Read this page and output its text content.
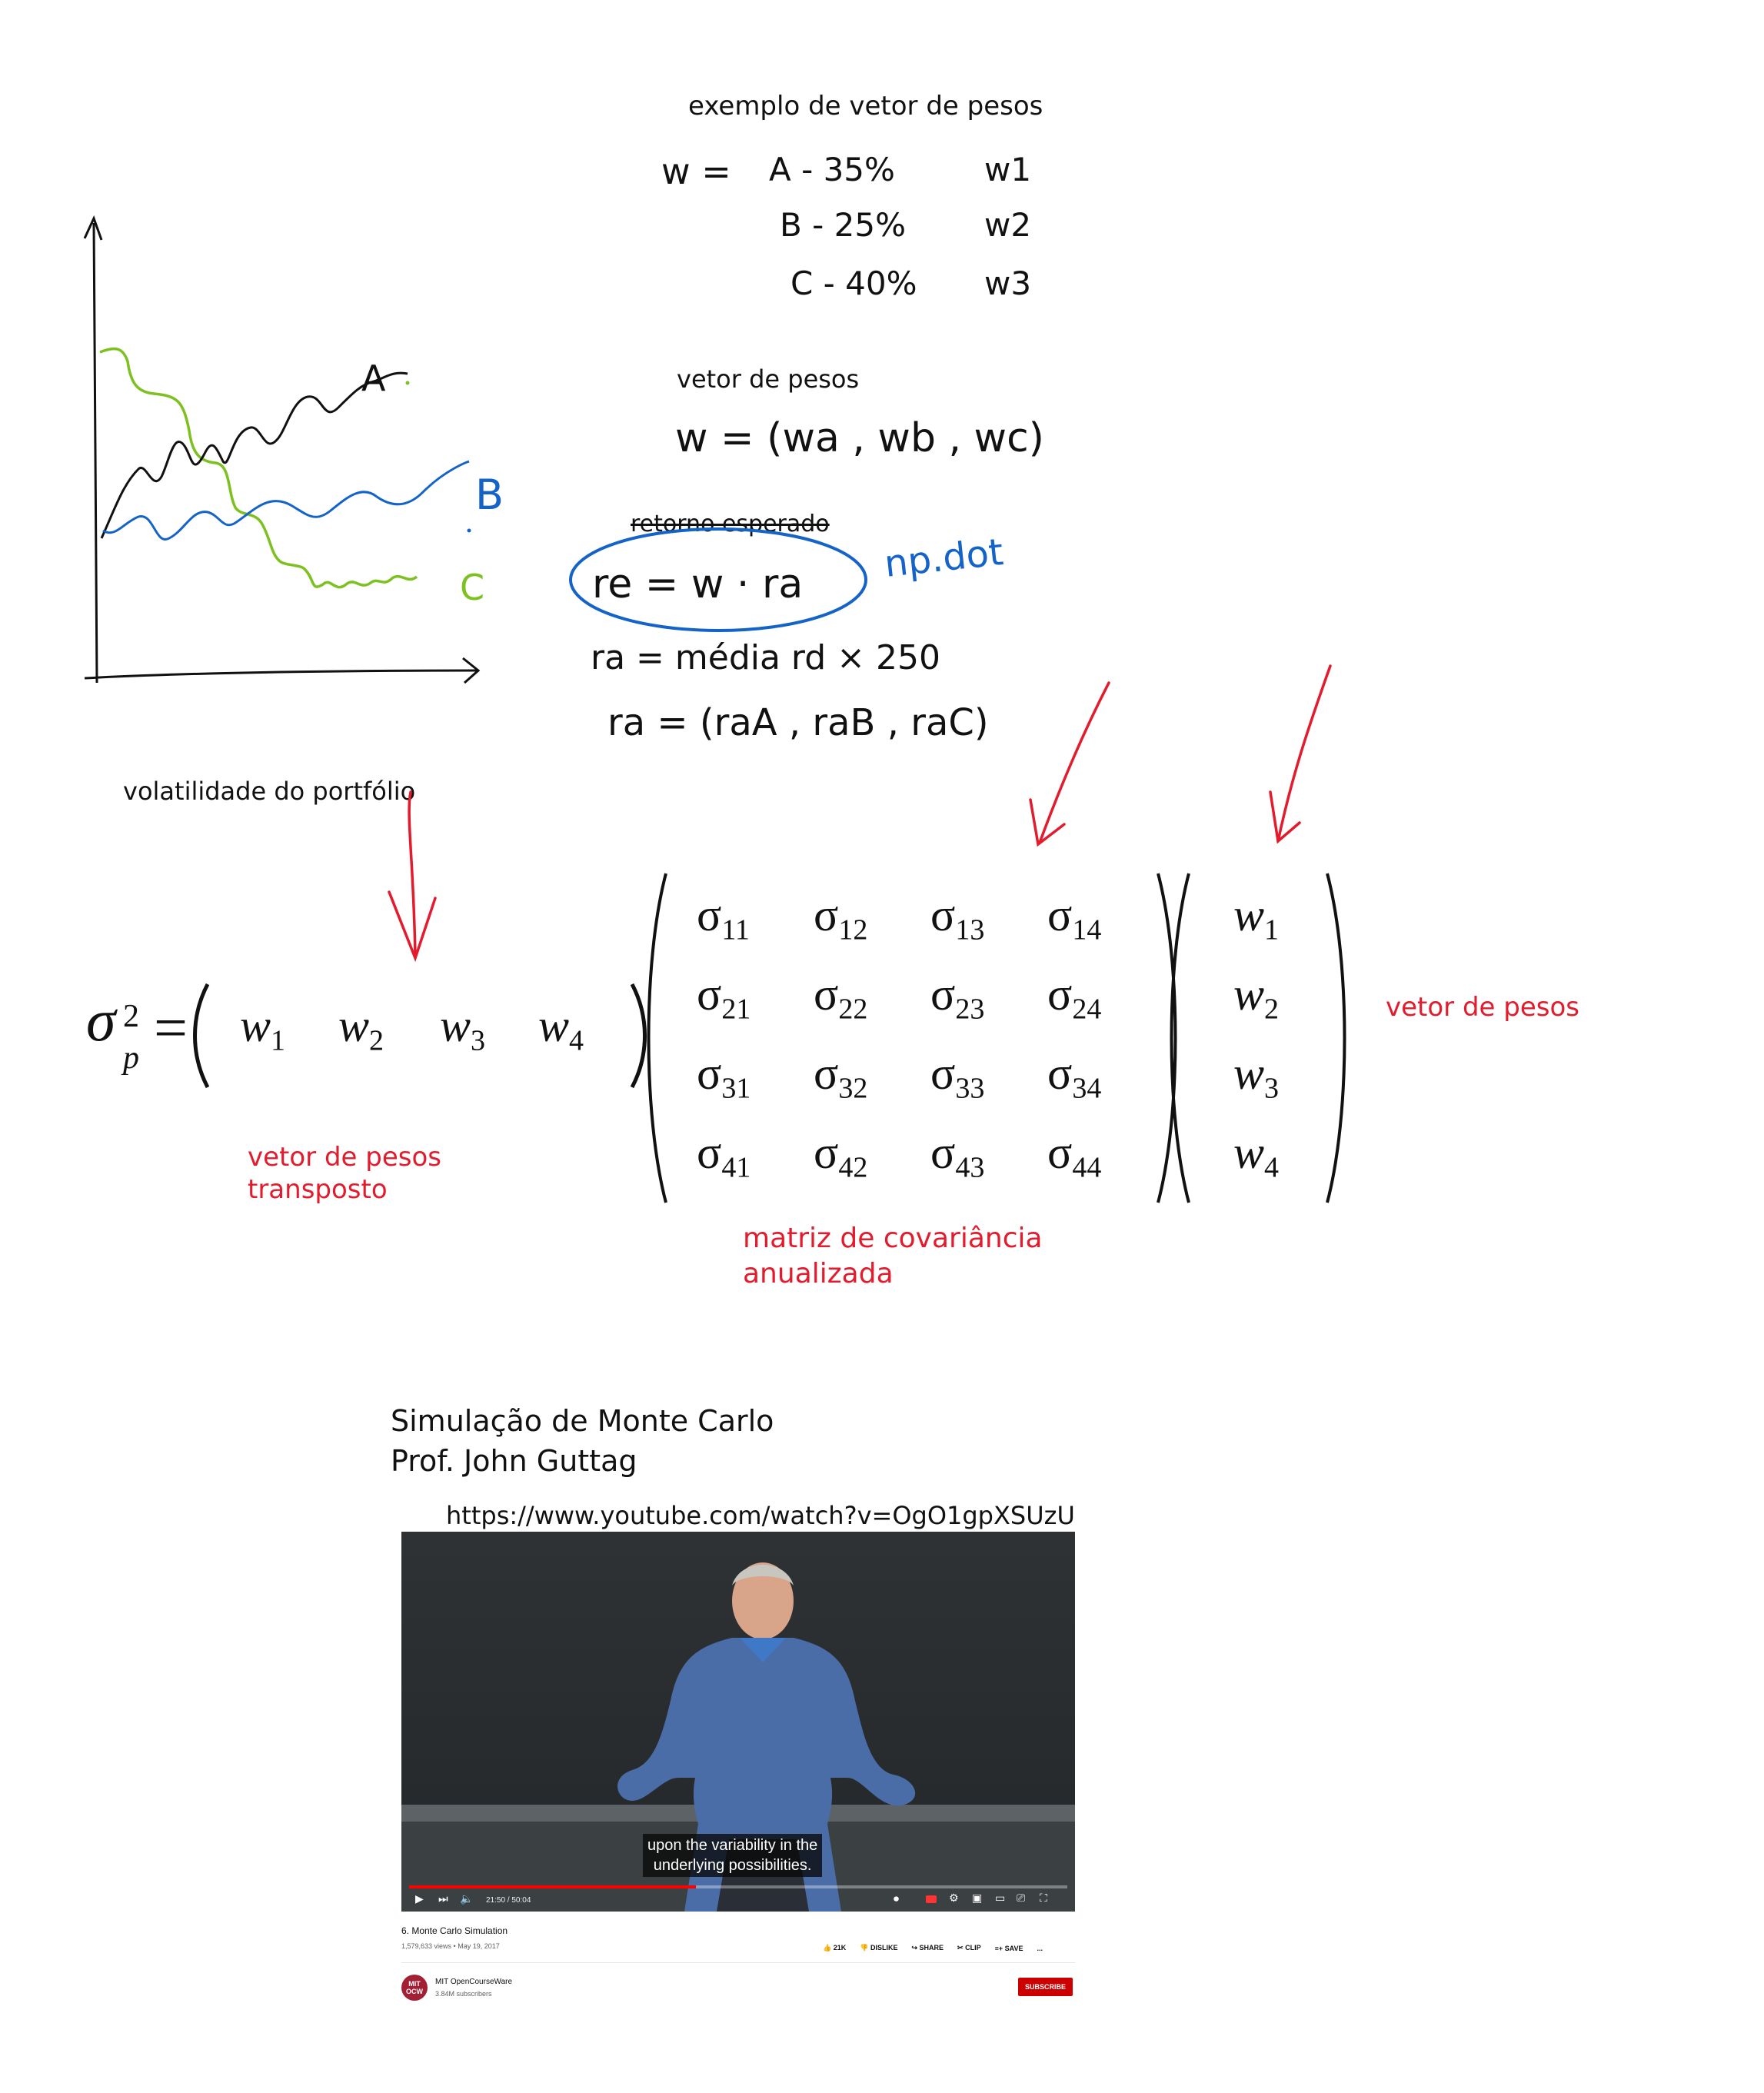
A
B
C
exemplo de vetor de pesos
w = A - 35%	w1
B - 25%	w2
C - 40% w3
vetor de pesos
w = (wa , wb , wc)
retorno esperado
re = w · ra np.dot
ra = média rd × 250
ra = (raA , raB , raC)
volatilidade do portfólio
σ 2
$p = w_1$	$w_2$	$w_3$	$w_4$
$\sigma_{11}$	$\sigma_{12}$	$\sigma_{13}$	$\sigma_{14}$
$\sigma_{21}$	$\sigma_{22}$	$\sigma_{23}$	$\sigma_{24}$
$\sigma_{31}$	$\sigma_{32}$	$\sigma_{33}$	$\sigma_{34}$
$\sigma_{41}$	$\sigma_{42}$	$\sigma_{43}$	$\sigma_{44}$
$w_1$
$w_2$
$w_3$
$w_4$
vetor de pesos
vetor de pesos
transposto
matriz de covariância
anualizada
Simulação de Monte Carlo
Prof. John Guttag
https://www.youtube.com/watch?v=OgO1gpXSUzU
upon the variability in the
underlying possibilities.
▶ ⏭ 🔈 21:50 / 50:04	⏺	⚙ ▣ ▭ ⎚ ⛶
6. Monte Carlo Simulation
1,579,633 views • May 19, 2017	👍 21K 👎 DISLIKE ↪ SHARE ✂ CLIP ≡+ SAVE ...
MIT
OCW
MIT OpenCourseWare
3.84M subscribers
SUBSCRIBE
